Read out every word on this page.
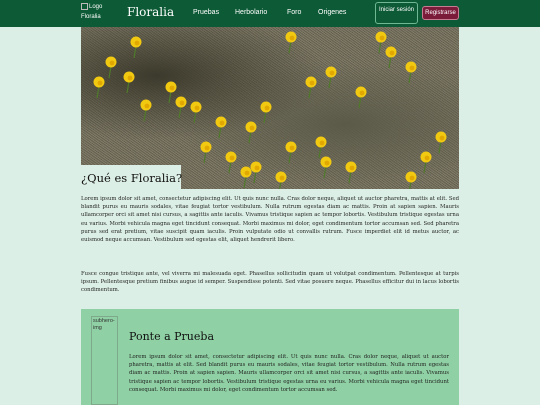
Logo
Floralia Floralia	Pruebas Herbolario	Foro Origenes	Iniciar sesión	Registrarse
¿Qué es Floralia?

Lorem ipsum dolor sit amet, consectetur adipiscing elit. Ut quis nunc nulla. Cras dolor neque, aliquet ut auctor pharetra, mattis at elit. Sed blandit purus eu mauris sodales, vitae feugiat tortor vestibulum. Nulla rutrum egestas diam ac mattis. Proin at sapien sapien. Mauris ullamcorper orci sit amet nisi cursus, a sagittis ante iaculis. Vivamus tristique sapien ac tempor lobortis. Vestibulum tristique egestas urna eu varius. Morbi vehicula magna eget tincidunt consequat. Morbi maximus mi dolor, eget condimentum tortor accumsan sed. Sed pharetra purus sed erat pretium, vitae suscipit quam iaculis. Proin vulputate odio ut convallis rutrum. Fusce imperdiet elit id metus auctor, ac euismod neque accumsan. Vestibulum sed egestas elit, aliquet hendrerit libero.

Fusce congue tristique ante, vel viverra mi malesuada eget. Phasellus sollicitudin quam ut volutpat condimentum. Pellentesque at turpis ipsum. Pellentesque pretium finibus augue id semper. Suspendisse potenti. Sed vitae posuere neque. Phasellus efficitur dui in lacus lobortis condimentum.

subhero-img
Ponte a Prueba

Lorem ipsum dolor sit amet, consectetur adipiscing elit. Ut quis nunc nulla. Cras dolor neque, aliquet ut auctor pharetra, mattis at elit. Sed blandit purus eu mauris sodales, vitae feugiat tortor vestibulum. Nulla rutrum egestas diam ac mattis. Proin at sapien sapien. Mauris ullamcorper orci sit amet nisi cursus, a sagittis ante iaculis. Vivamus tristique sapien ac tempor lobortis. Vestibulum tristique egestas urna eu varius. Morbi vehicula magna eget tincidunt consequat. Morbi maximus mi dolor, eget condimentum tortor accumsan sed.
